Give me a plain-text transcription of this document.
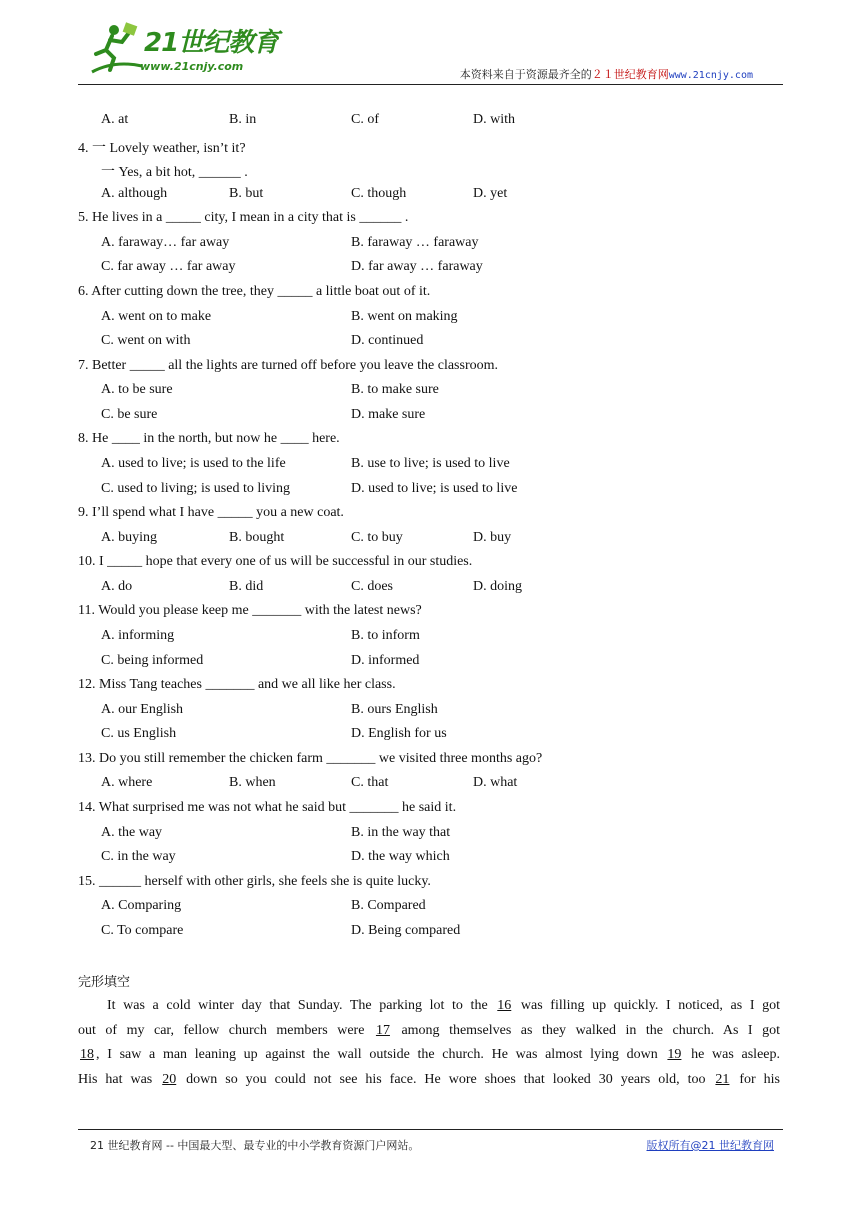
21世纪教育
www.21cnjy.com
本资料来自于资源最齐全的２１世纪教育网www.21cnjy.com
A. at	B. in	C. of	D. with
4. 一 Lovely weather, isn’t it?
一 Yes, a bit hot, ______ .
A. although	B. but	C. though	D. yet
5. He lives in a _____ city, I mean in a city that is ______ .
A. faraway… far away	B. faraway … faraway
C. far away … far away	D. far away … faraway
6. After cutting down the tree, they _____ a little boat out of it.
A. went on to make	B. went on making
C. went on with	D. continued
7. Better _____ all the lights are turned off before you leave the classroom.
A. to be sure	B. to make sure
C. be sure	D. make sure
8. He ____ in the north, but now he ____ here.
A. used to live; is used to the life	B. use to live; is used to live
C. used to living; is used to living	D. used to live; is used to live
9. I’ll spend what I have _____ you a new coat.
A. buying	B. bought	C. to buy	D. buy
10. I _____ hope that every one of us will be successful in our studies.
A. do	B. did	C. does	D. doing
11. Would you please keep me _______ with the latest news?
A. informing	B. to inform
C. being informed	D. informed
12. Miss Tang teaches _______ and we all like her class.
A. our English	B. ours English
C. us English	D. English for us
13. Do you still remember the chicken farm _______ we visited three months ago?
A. where	B. when	C. that	D. what
14. What surprised me was not what he said but _______ he said it.
A. the way	B. in the way that
C. in the way	D. the way which
15. ______ herself with other girls, she feels she is quite lucky.
A. Comparing	B. Compared
C. To compare	D. Being compared
完形填空
It was a cold winter day that Sunday. The parking lot to the 16 was filling up quickly. I noticed, as I got
out of my car, fellow church members were 17 among themselves as they walked in the church. As I got
18 , I saw a man leaning up against the wall outside the church. He was almost lying down 19 he was asleep.
His hat was 20 down so you could not see his face. He wore shoes that looked 30 years old, too 21 for his
21 世纪教育网 -- 中国最大型、最专业的中小学教育资源门户网站。	版权所有@21 世纪教育网
